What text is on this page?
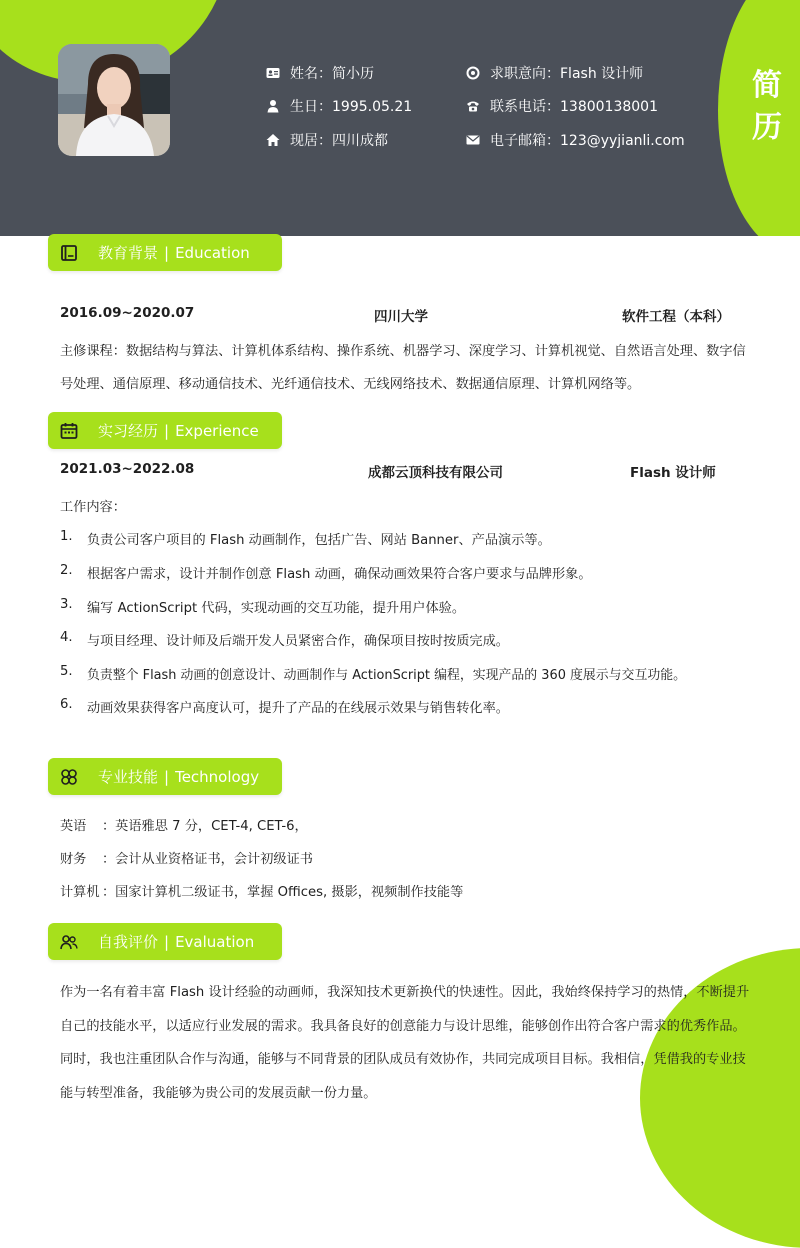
简
历
姓名：简小历
生日：1995.05.21
现居：四川成都
求职意向：Flash 设计师
联系电话：13800138001
电子邮箱：123@yyjianli.com
教育背景 | Education
2016.09~2020.07	四川大学	软件工程（本科）
主修课程：数据结构与算法、计算机体系结构、操作系统、机器学习、深度学习、计算机视觉、自然语言处理、数字信
号处理、通信原理、移动通信技术、光纤通信技术、无线网络技术、数据通信原理、计算机网络等。
实习经历 | Experience
2021.03~2022.08	成都云顶科技有限公司	Flash 设计师
工作内容：
1. 负责公司客户项目的 Flash 动画制作，包括广告、网站 Banner、产品演示等。
2. 根据客户需求，设计并制作创意 Flash 动画，确保动画效果符合客户要求与品牌形象。
3. 编写 ActionScript 代码，实现动画的交互功能，提升用户体验。
4. 与项目经理、设计师及后端开发人员紧密合作，确保项目按时按质完成。
5. 负责整个 Flash 动画的创意设计、动画制作与 ActionScript 编程，实现产品的 360 度展示与交互功能。
6. 动画效果获得客户高度认可，提升了产品的在线展示效果与销售转化率。
专业技能 | Technology
英语 ：英语雅思 7 分，CET-4, CET-6，
财务 ：会计从业资格证书，会计初级证书
计算机 ：国家计算机二级证书，掌握 Offices, 摄影，视频制作技能等
自我评价 | Evaluation
作为一名有着丰富 Flash 设计经验的动画师，我深知技术更新换代的快速性。因此，我始终保持学习的热情，不断提升
自己的技能水平，以适应行业发展的需求。我具备良好的创意能力与设计思维，能够创作出符合客户需求的优秀作品。
同时，我也注重团队合作与沟通，能够与不同背景的团队成员有效协作，共同完成项目目标。我相信，凭借我的专业技
能与转型准备，我能够为贵公司的发展贡献一份力量。
